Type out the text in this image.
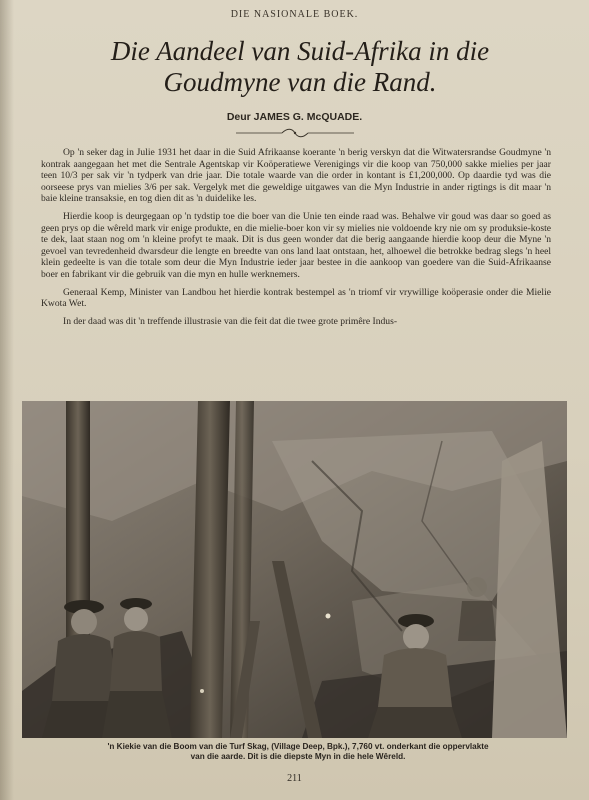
DIE NASIONALE BOEK.
Die Aandeel van Suid-Afrika in die
Goudmyne van die Rand.
Deur JAMES G. McQUADE.

Op 'n seker dag in Julie 1931 het daar in die Suid Afrikaanse koerante 'n berig verskyn dat die Witwatersrandse Goudmyne 'n kontrak aangegaan het met die Sentrale Agentskap vir Koöperatiewe Verenigings vir die koop van 750,000 sakke mielies per jaar teen 10/3 per sak vir 'n tydperk van drie jaar. Die totale waarde van die order in kontant is £1,200,000. Op daardie tyd was die oorseese prys van mielies 3/6 per sak. Vergelyk met die geweldige uitgawes van die Myn Industrie in ander rigtings is dit maar 'n baie kleine transaksie, en tog dien dit as 'n duidelike les.

Hierdie koop is deurgegaan op 'n tydstip toe die boer van die Unie ten einde raad was. Behalwe vir goud was daar so goed as geen prys op die wêreld mark vir enige produkte, en die mielie-boer kon vir sy mielies nie voldoende kry nie om sy produksie-koste te dek, laat staan nog om 'n kleine profyt te maak. Dit is dus geen wonder dat die berig aangaande hierdie koop deur die Myne 'n gevoel van tevredenheid dwarsdeur die lengte en breedte van ons land laat ontstaan, het, alhoewel die betrokke bedrag slegs 'n heel klein gedeelte is van die totale som deur die Myn Industrie ieder jaar bestee in die aankoop van goedere van die Suid-Afrikaanse boer en fabrikant vir die gebruik van die myn en hulle werknemers.

Generaal Kemp, Minister van Landbou het hierdie kontrak bestempel as 'n triomf vir vrywillige koöperasie onder die Mielie Kwota Wet.

In der daad was dit 'n treffende illustrasie van die feit dat die twee grote primêre Indus-

'n Kiekie van die Boom van die Turf Skag, (Village Deep, Bpk.), 7,760 vt. onderkant die oppervlakte
van die aarde. Dit is die diepste Myn in die hele Wêreld.
211
